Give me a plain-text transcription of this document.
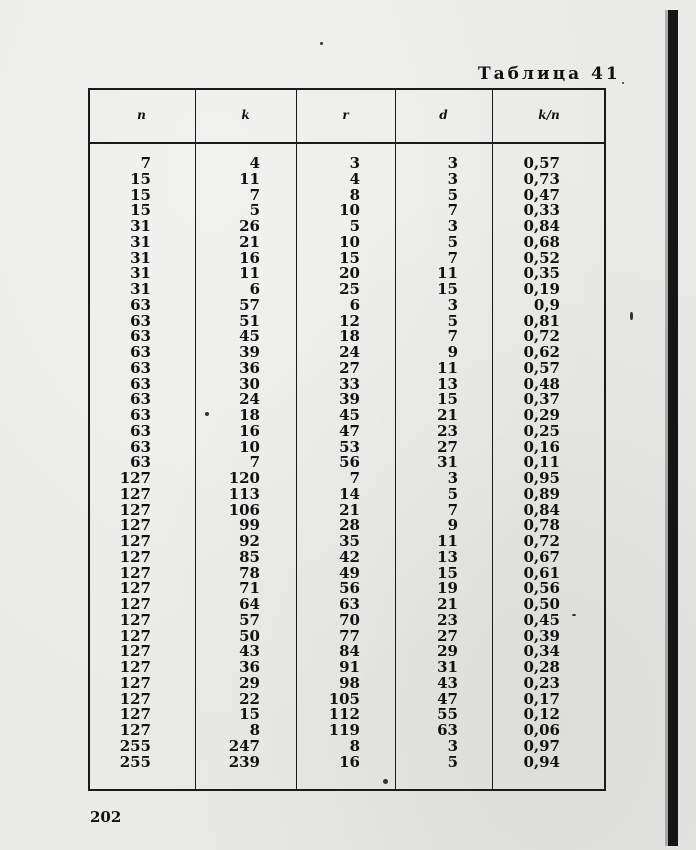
Таблица 41
n	k	r	d	k/n
7	4	3	3	0,57
15	11	4	3	0,73
15	7	8	5	0,47
15	5	10	7	0,33
31	26	5	3	0,84
31	21	10	5	0,68
31	16	15	7	0,52
31	11	20	11	0,35
31	6	25	15	0,19
63	57	6	3	0,9
63	51	12	5	0,81
63	45	18	7	0,72
63	39	24	9	0,62
63	36	27	11	0,57
63	30	33	13	0,48
63	24	39	15	0,37
63	18	45	21	0,29
63	16	47	23	0,25
63	10	53	27	0,16
63	7	56	31	0,11
127	120	7	3	0,95
127	113	14	5	0,89
127	106	21	7	0,84
127	99	28	9	0,78
127	92	35	11	0,72
127	85	42	13	0,67
127	78	49	15	0,61
127	71	56	19	0,56
127	64	63	21	0,50
127	57	70	23	0,45
127	50	77	27	0,39
127	43	84	29	0,34
127	36	91	31	0,28
127	29	98	43	0,23
127	22	105	47	0,17
127	15	112	55	0,12
127	8	119	63	0,06
255	247	8	3	0,97
255	239	16	5	0,94
202
